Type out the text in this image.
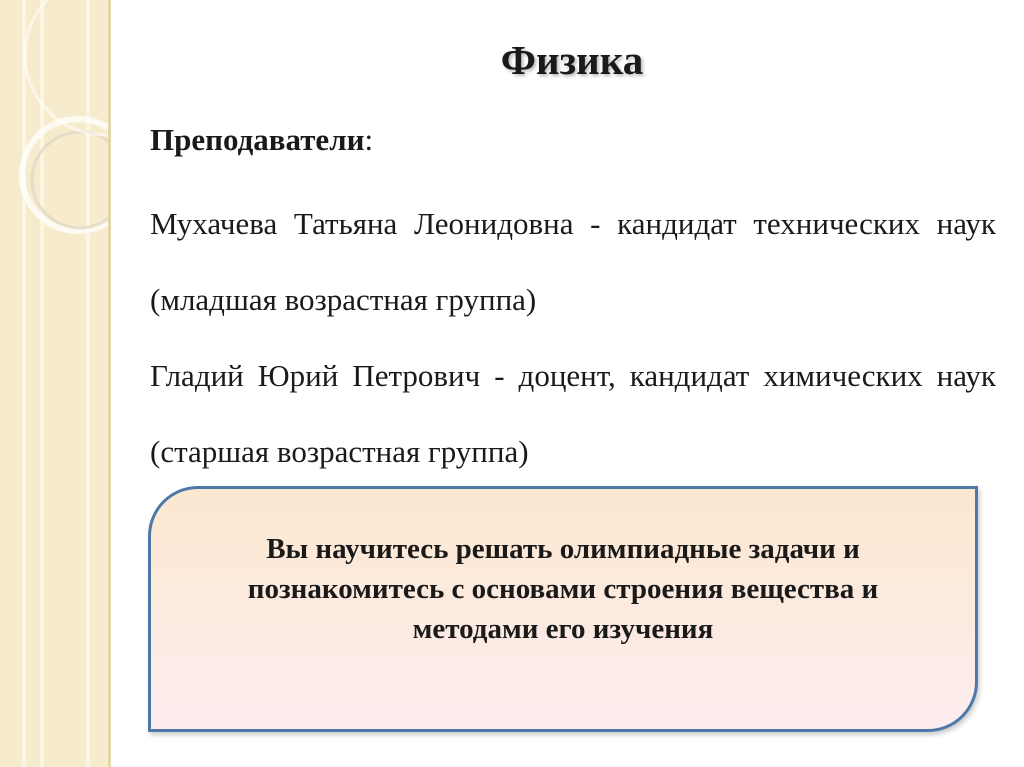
Физика
Преподаватели:
Мухачева Татьяна Леонидовна - кандидат технических наук (младшая возрастная группа)
Гладий Юрий Петрович - доцент, кандидат химических наук (старшая возрастная группа)
Вы научитесь решать олимпиадные задачи и познакомитесь с основами строения вещества и методами его изучения
